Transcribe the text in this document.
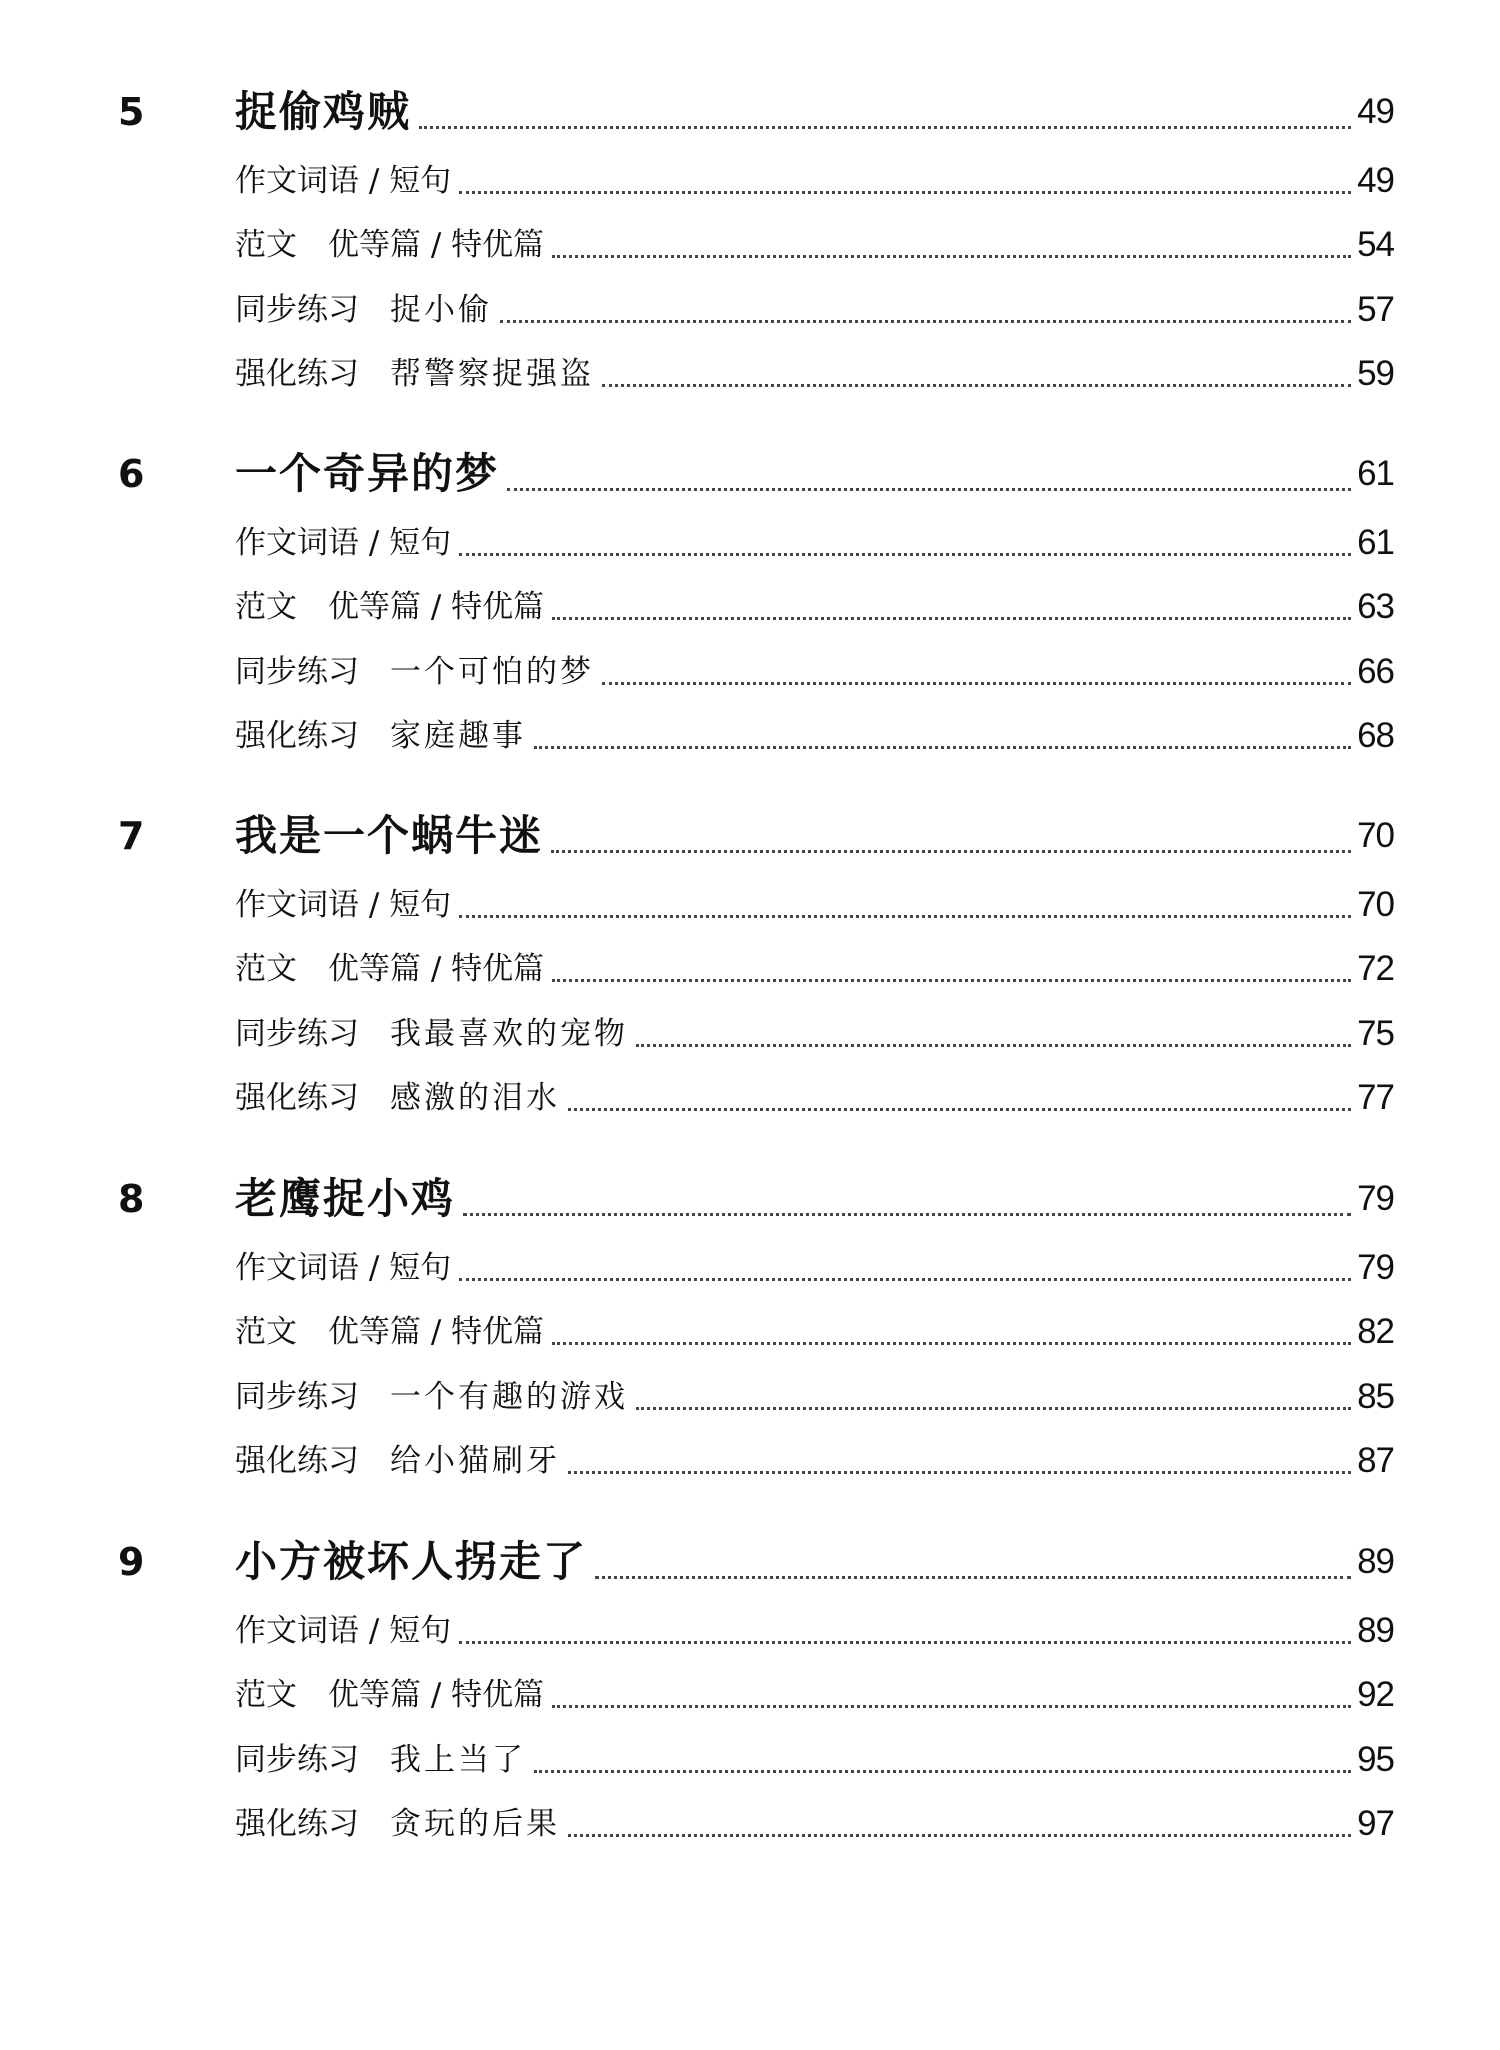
5 捉偷鸡贼	49
作文词语 / 短句	49
范文　优等篇 / 特优篇	54
同步练习　 捉小偷	57
强化练习　 帮警察捉强盗	59
6 一个奇异的梦	61
作文词语 / 短句	61
范文　优等篇 / 特优篇	63
同步练习　 一个可怕的梦	66
强化练习　 家庭趣事	68
7 我是一个蜗牛迷	70
作文词语 / 短句	70
范文　优等篇 / 特优篇	72
同步练习　 我最喜欢的宠物	75
强化练习　 感激的泪水	77
8 老鹰捉小鸡	79
作文词语 / 短句	79
范文　优等篇 / 特优篇	82
同步练习　 一个有趣的游戏	85
强化练习　 给小猫刷牙	87
9 小方被坏人拐走了	89
作文词语 / 短句	89
范文　优等篇 / 特优篇	92
同步练习　 我上当了	95
强化练习　 贪玩的后果	97
